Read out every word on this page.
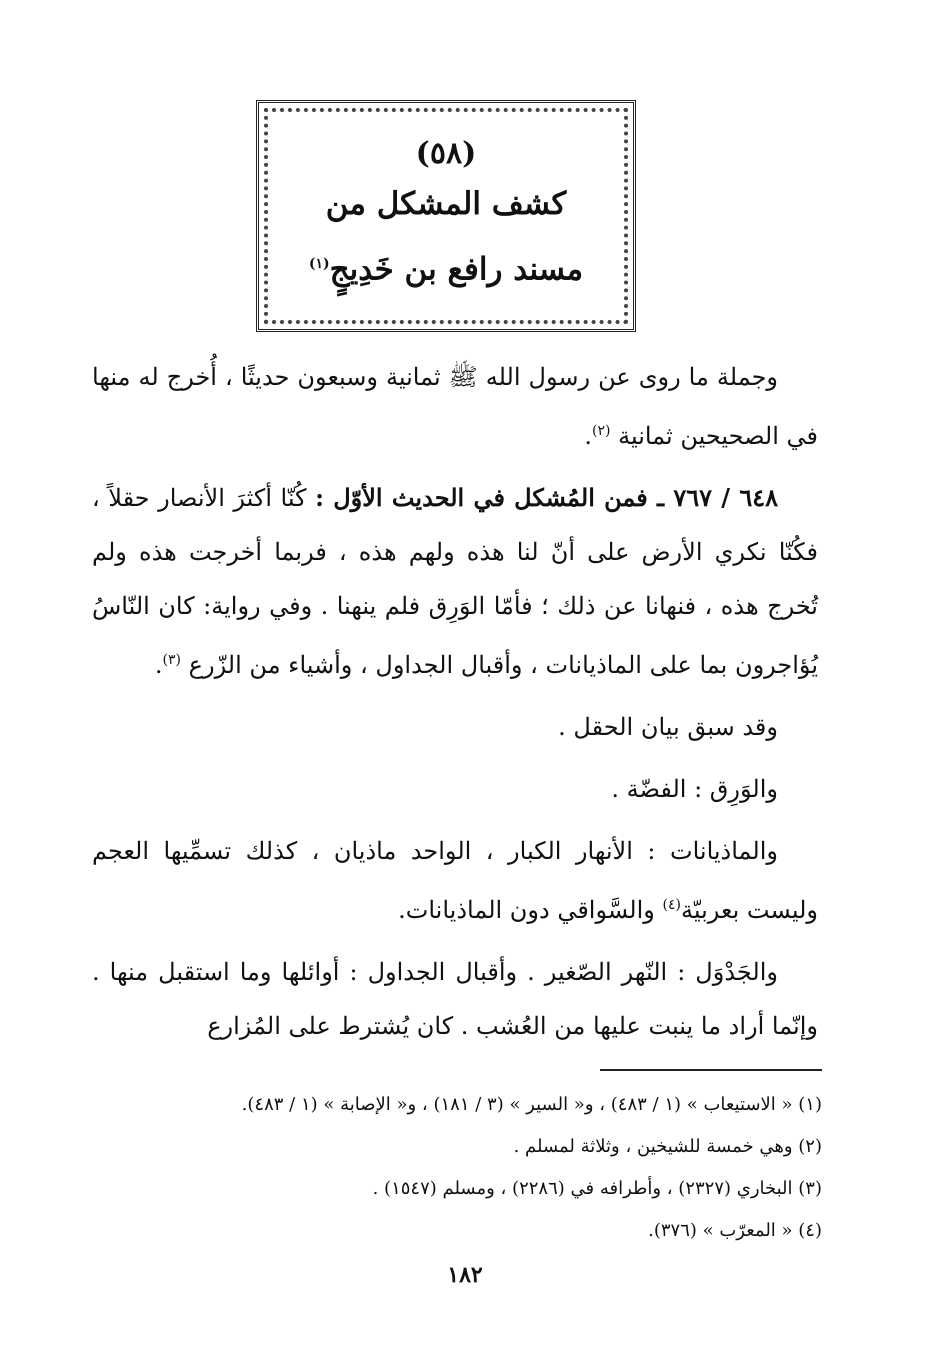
(٥٨)
كشف المشكل من
مسند رافع بن خَدِيجٍ$^{(١)}$

وجملة ما روى عن رسول الله ﷺ ثمانية وسبعون حديثًا ، أُخرج له منها في الصحيحين ثمانية $^{(٢)}$.

٦٤٨ / ٧٦٧ ـ فمن المُشكل في الحديث الأوّل : كُنّا أكثرَ الأنصار حقلاً ، فكُنّا نكري الأرض على أنّ لنا هذه ولهم هذه ، فربما أخرجت هذه ولم تُخرج هذه ، فنهانا عن ذلك ؛ فأمّا الوَرِق فلم ينهنا . وفي رواية: كان النّاسُ يُؤاجرون بما على الماذيانات ، وأقبال الجداول ، وأشياء من الزّرع $^{(٣)}$.

وقد سبق بيان الحقل .

والوَرِق : الفضّة .

والماذيانات : الأنهار الكبار ، الواحد ماذيان ، كذلك تسمِّيها العجم وليست بعربيّة$^{(٤)}$ والسَّواقي دون الماذيانات.

والجَدْوَل : النّهر الصّغير . وأقبال الجداول : أوائلها وما استقبل منها . وإنّما أراد ما ينبت عليها من العُشب . كان يُشترط على المُزارع

(١) « الاستيعاب » (١ / ٤٨٣) ، و« السير » (٣ / ١٨١) ، و« الإصابة » (١ / ٤٨٣).

(٢) وهي خمسة للشيخين ، وثلاثة لمسلم .

(٣) البخاري (٢٣٢٧) ، وأطرافه في (٢٢٨٦) ، ومسلم (١٥٤٧) .

(٤) « المعرّب » (٣٧٦).

١٨٢
